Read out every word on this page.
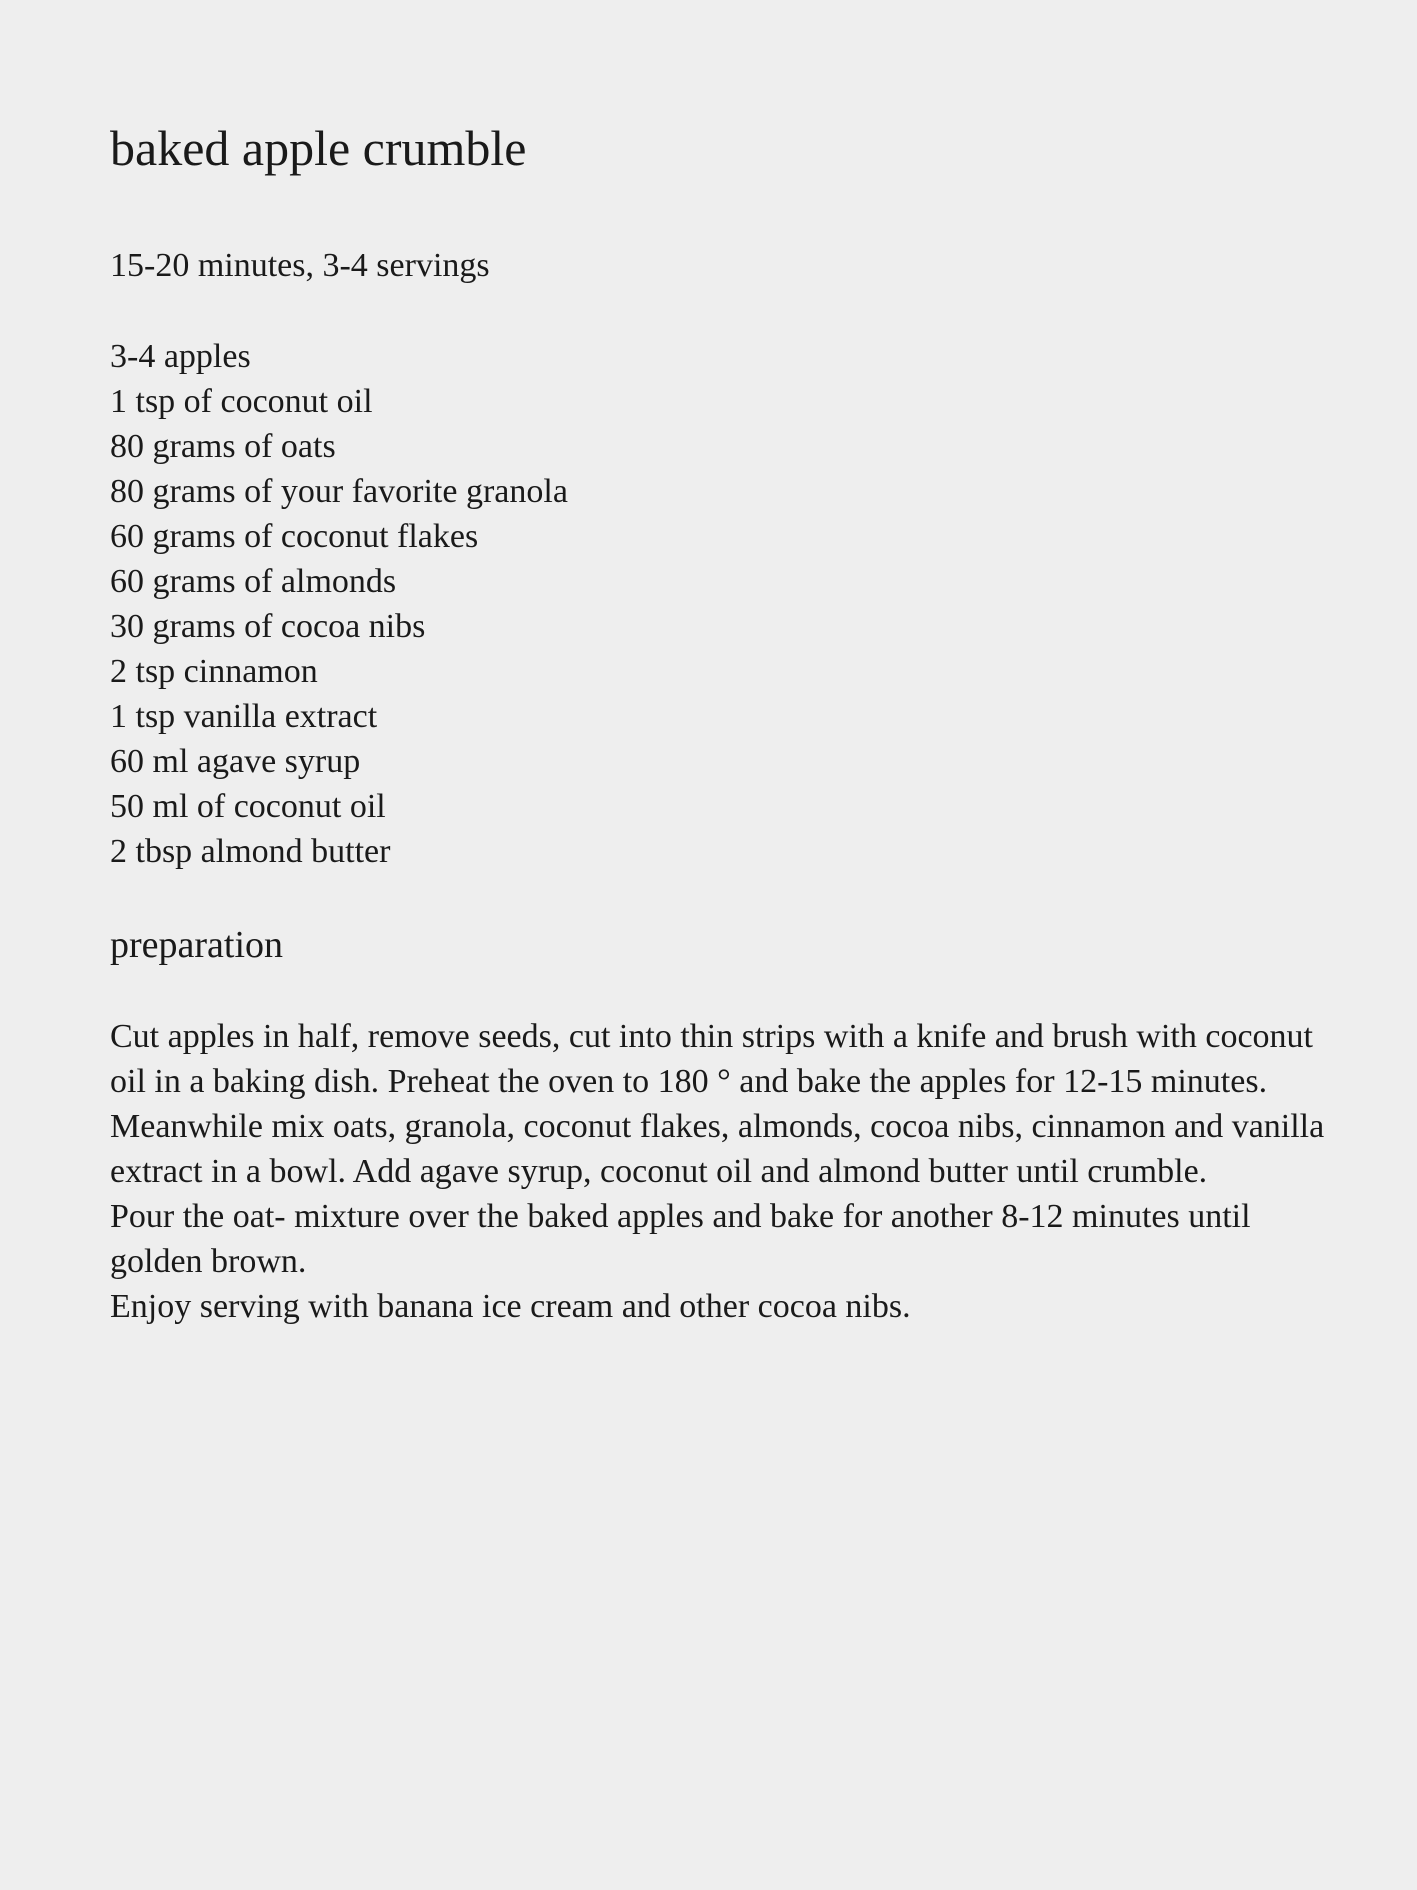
baked apple crumble

15-20 minutes, 3-4 servings

3-4 apples
1 tsp of coconut oil
80 grams of oats
80 grams of your favorite granola
60 grams of coconut flakes
60 grams of almonds
30 grams of cocoa nibs
2 tsp cinnamon
1 tsp vanilla extract
60 ml agave syrup
50 ml of coconut oil
2 tbsp almond butter
preparation

Cut apples in half, remove seeds, cut into thin strips with a knife and brush with coconut oil in a baking dish. Preheat the oven to 180 ° and bake the apples for 12-15 minutes.

Meanwhile mix oats, granola, coconut flakes, almonds, cocoa nibs, cinnamon and vanilla extract in a bowl. Add agave syrup, coconut oil and almond butter until crumble.

Pour the oat- mixture over the baked apples and bake for another 8-12 minutes until golden brown.

Enjoy serving with banana ice cream and other cocoa nibs.
